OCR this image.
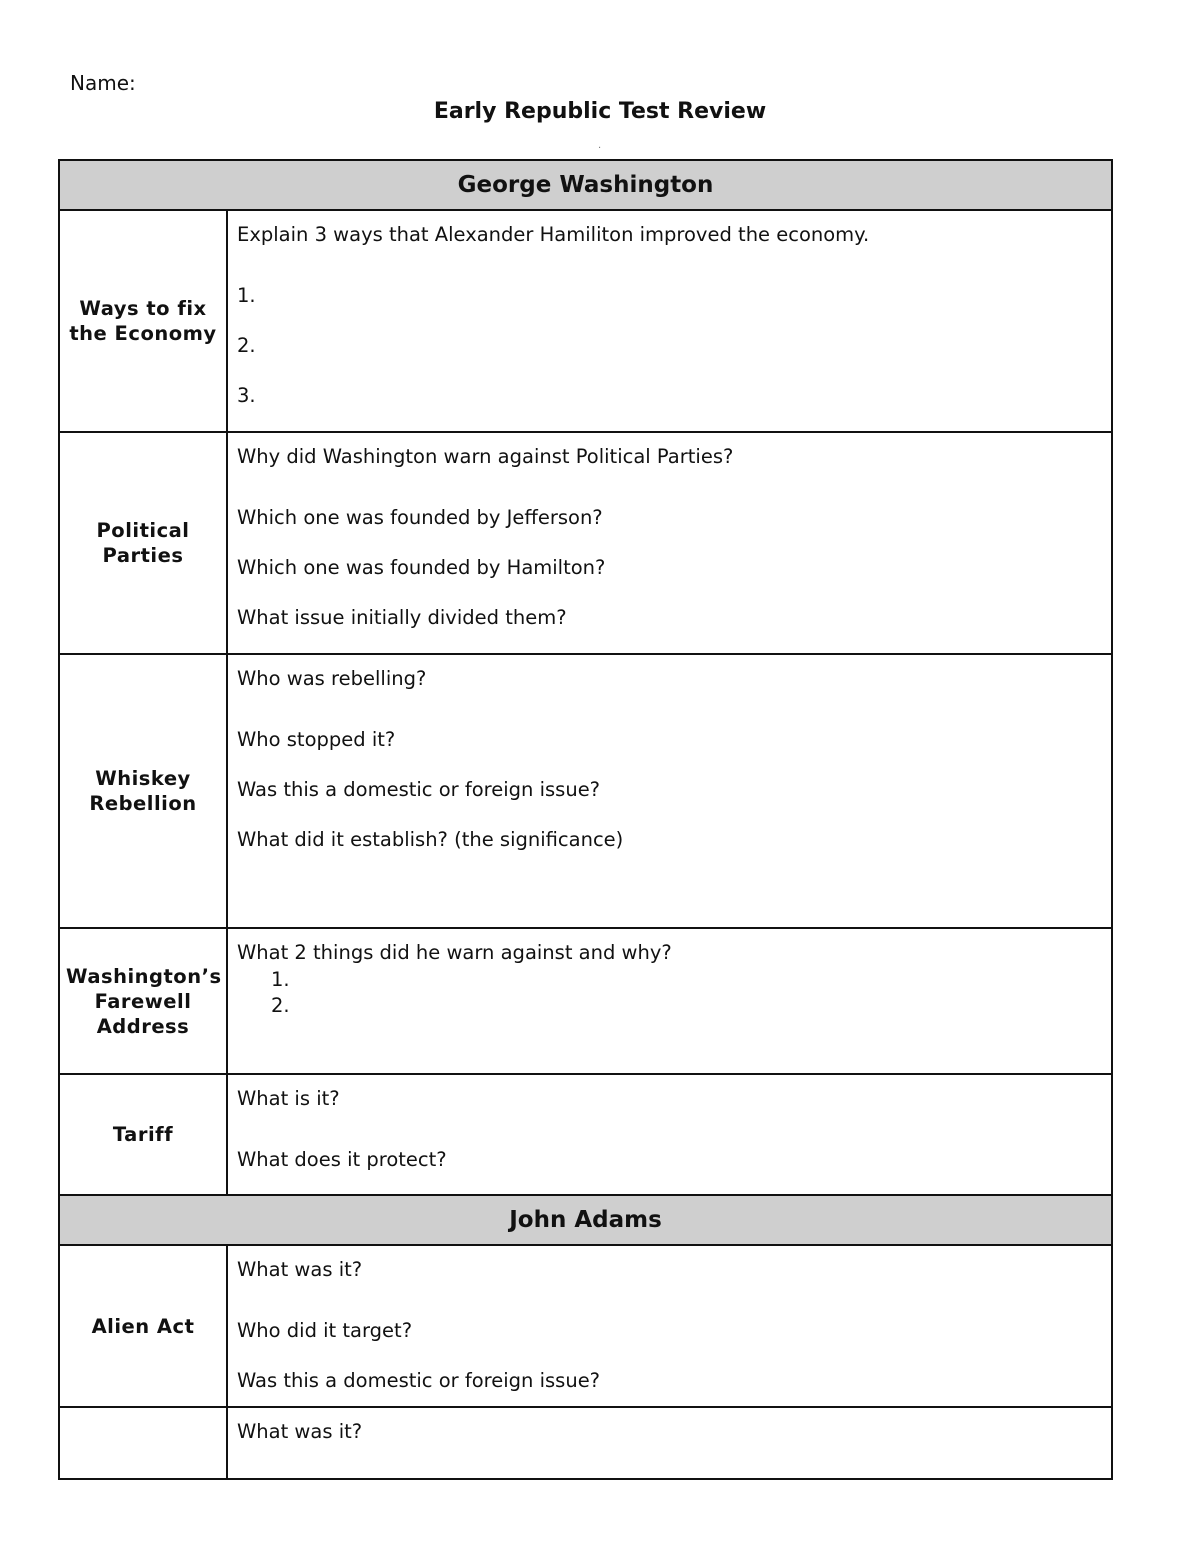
Name:
Early Republic Test Review
.
George Washington	

Ways to fix the Economy	Explain 3 ways that Alexander Hamiliton improved the economy.
1.
2.
3.

Political Parties	Why did Washington warn against Political Parties?
Which one was founded by Jefferson?
Which one was founded by Hamilton?
What issue initially divided them?

Whiskey Rebellion	Who was rebelling?
Who stopped it?
Was this a domestic or foreign issue?
What did it establish? (the significance)

Washington’s Farewell Address	What 2 things did he warn against and why?
1.
2.

Tariff	What is it?
What does it protect?

John Adams	

Alien Act	What was it?
Who did it target?
Was this a domestic or foreign issue?

	What was it?
